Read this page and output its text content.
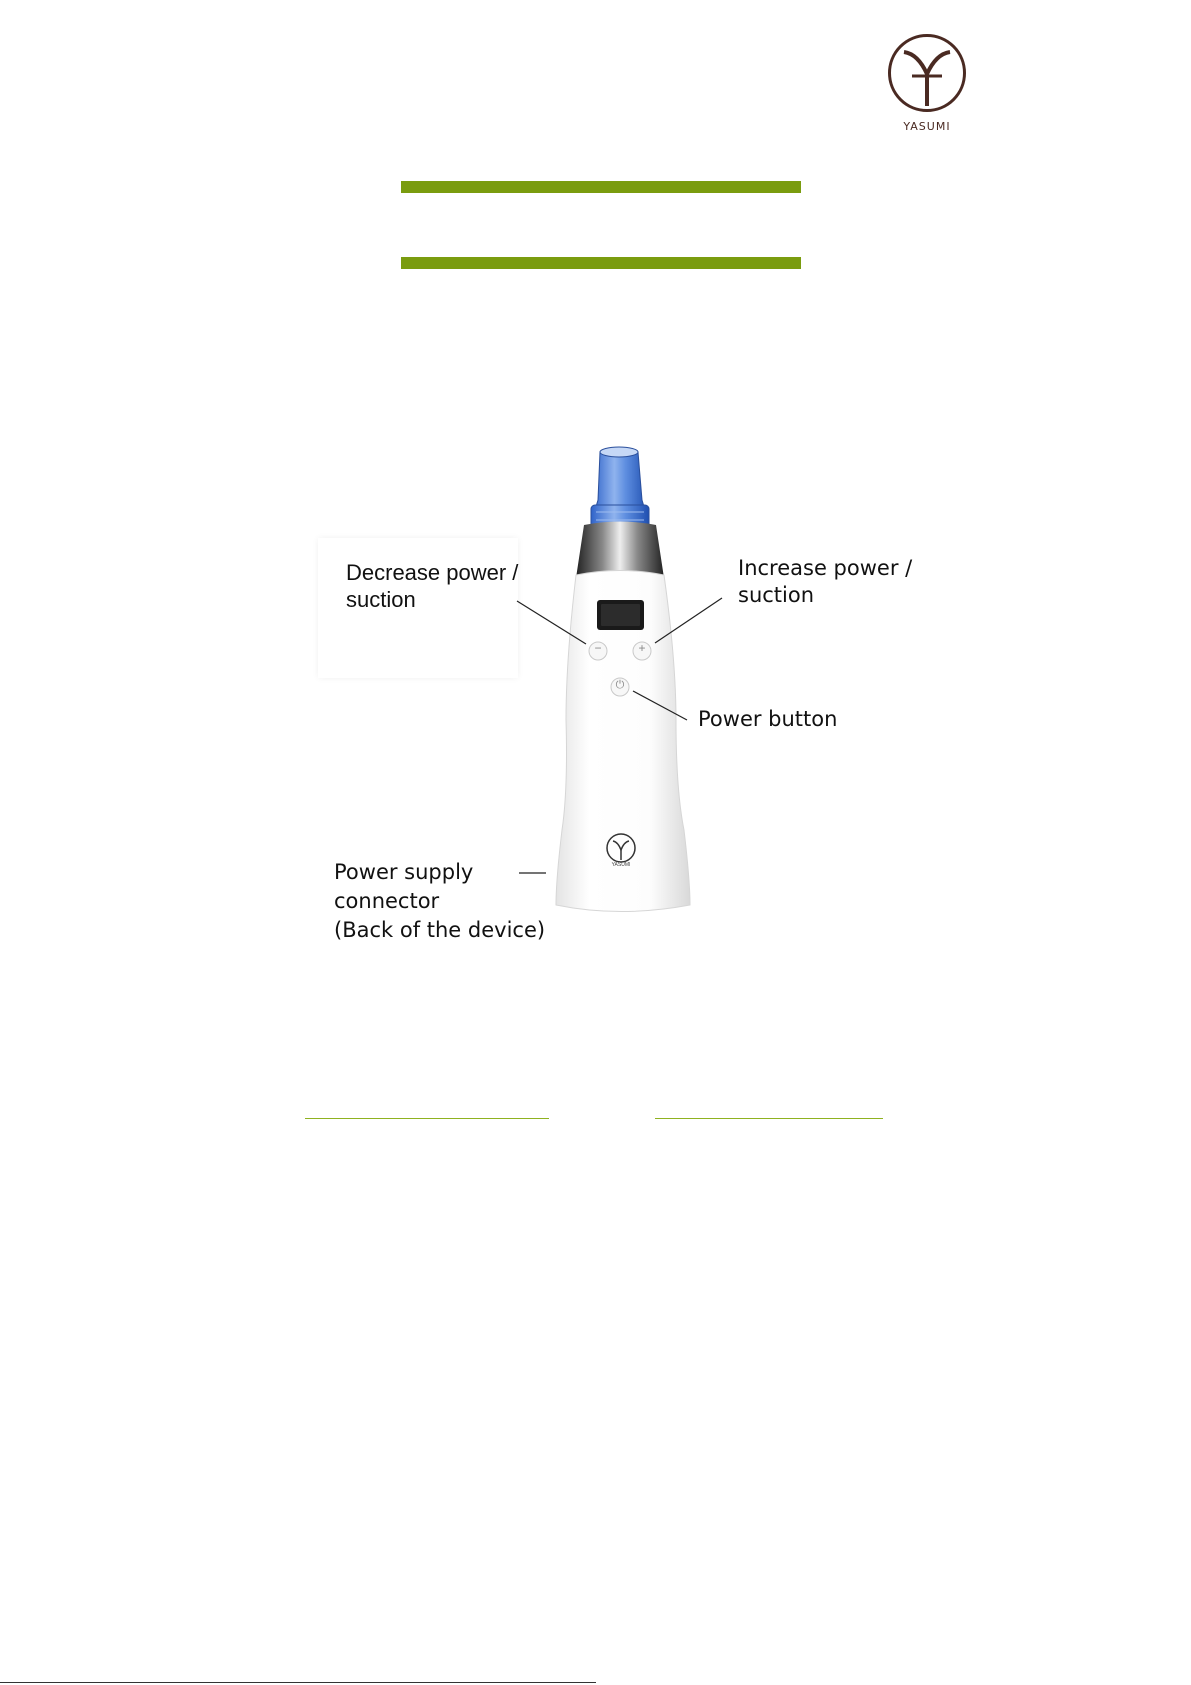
YASUMI
−	+
⏻
YASUMI
Decrease power /
suction
Increase power /
suction
Power button
Power supply
connector
(Back of the device)
